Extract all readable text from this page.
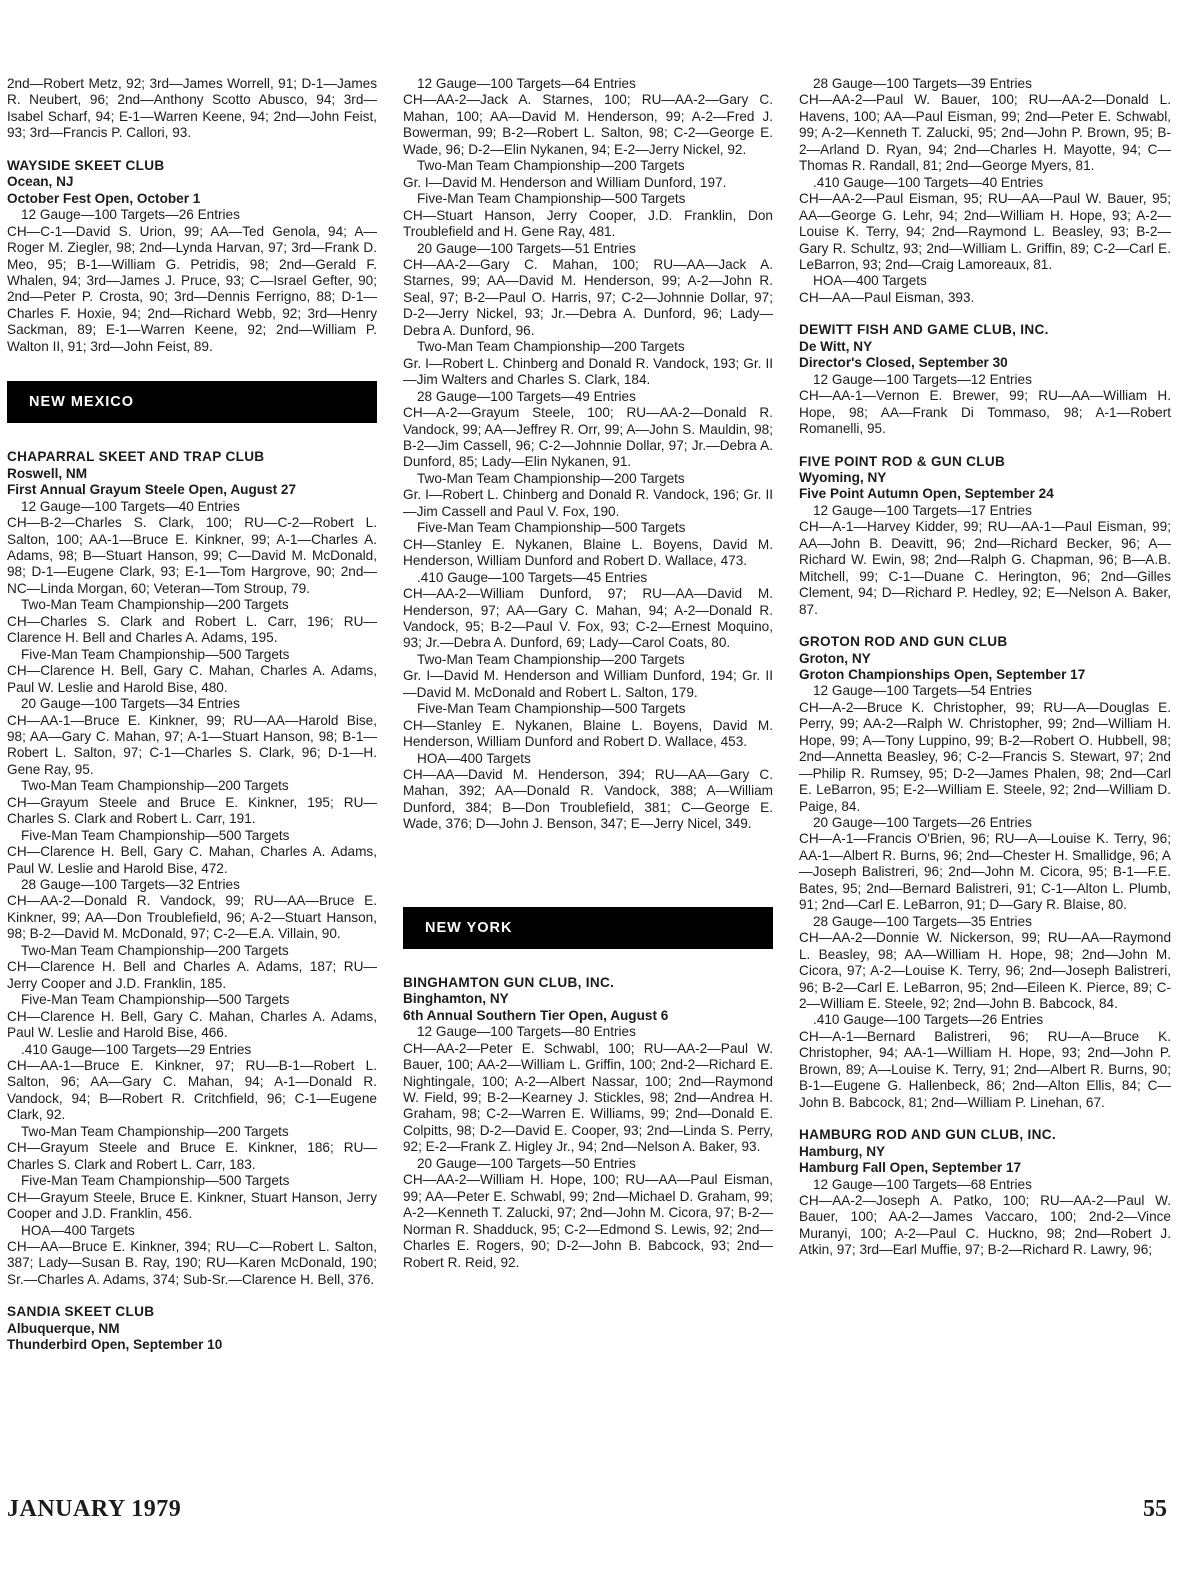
2nd—Robert Metz, 92; 3rd—James Worrell, 91; D-1—James R. Neubert, 96; 2nd—Anthony Scotto Abusco, 94; 3rd—Isabel Scharf, 94; E-1—Warren Keene, 94; 2nd—John Feist, 93; 3rd—Francis P. Callori, 93.

WAYSIDE SKEET CLUB

Ocean, NJ

October Fest Open, October 1

12 Gauge—100 Targets—26 Entries

CH—C-1—David S. Urion, 99; AA—Ted Genola, 94; A—Roger M. Ziegler, 98; 2nd—Lynda Harvan, 97; 3rd—Frank D. Meo, 95; B-1—William G. Petridis, 98; 2nd—Gerald F. Whalen, 94; 3rd—James J. Pruce, 93; C—Israel Gefter, 90; 2nd—Peter P. Crosta, 90; 3rd—Dennis Ferrigno, 88; D-1—Charles F. Hoxie, 94; 2nd—Richard Webb, 92; 3rd—Henry Sackman, 89; E-1—Warren Keene, 92; 2nd—William P. Walton II, 91; 3rd—John Feist, 89.

NEW MEXICO

CHAPARRAL SKEET AND TRAP CLUB

Roswell, NM

First Annual Grayum Steele Open, August 27

12 Gauge—100 Targets—40 Entries

CH—B-2—Charles S. Clark, 100; RU—C-2—Robert L. Salton, 100; AA-1—Bruce E. Kinkner, 99; A-1—Charles A. Adams, 98; B—Stuart Hanson, 99; C—David M. McDonald, 98; D-1—Eugene Clark, 93; E-1—Tom Hargrove, 90; 2nd—NC—Linda Morgan, 60; Veteran—Tom Stroup, 79.

Two-Man Team Championship—200 Targets

CH—Charles S. Clark and Robert L. Carr, 196; RU—Clarence H. Bell and Charles A. Adams, 195.

Five-Man Team Championship—500 Targets

CH—Clarence H. Bell, Gary C. Mahan, Charles A. Adams, Paul W. Leslie and Harold Bise, 480.

20 Gauge—100 Targets—34 Entries

CH—AA-1—Bruce E. Kinkner, 99; RU—AA—Harold Bise, 98; AA—Gary C. Mahan, 97; A-1—Stuart Hanson, 98; B-1—Robert L. Salton, 97; C-1—Charles S. Clark, 96; D-1—H. Gene Ray, 95.

Two-Man Team Championship—200 Targets

CH—Grayum Steele and Bruce E. Kinkner, 195; RU—Charles S. Clark and Robert L. Carr, 191.

Five-Man Team Championship—500 Targets

CH—Clarence H. Bell, Gary C. Mahan, Charles A. Adams, Paul W. Leslie and Harold Bise, 472.

28 Gauge—100 Targets—32 Entries

CH—AA-2—Donald R. Vandock, 99; RU—AA—Bruce E. Kinkner, 99; AA—Don Troublefield, 96; A-2—Stuart Hanson, 98; B-2—David M. McDonald, 97; C-2—E.A. Villain, 90.

Two-Man Team Championship—200 Targets

CH—Clarence H. Bell and Charles A. Adams, 187; RU—Jerry Cooper and J.D. Franklin, 185.

Five-Man Team Championship—500 Targets

CH—Clarence H. Bell, Gary C. Mahan, Charles A. Adams, Paul W. Leslie and Harold Bise, 466.

.410 Gauge—100 Targets—29 Entries

CH—AA-1—Bruce E. Kinkner, 97; RU—B-1—Robert L. Salton, 96; AA—Gary C. Mahan, 94; A-1—Donald R. Vandock, 94; B—Robert R. Critchfield, 96; C-1—Eugene Clark, 92.

Two-Man Team Championship—200 Targets

CH—Grayum Steele and Bruce E. Kinkner, 186; RU—Charles S. Clark and Robert L. Carr, 183.

Five-Man Team Championship—500 Targets

CH—Grayum Steele, Bruce E. Kinkner, Stuart Hanson, Jerry Cooper and J.D. Franklin, 456.

HOA—400 Targets

CH—AA—Bruce E. Kinkner, 394; RU—C—Robert L. Salton, 387; Lady—Susan B. Ray, 190; RU—Karen McDonald, 190; Sr.—Charles A. Adams, 374; Sub-Sr.—Clarence H. Bell, 376.

SANDIA SKEET CLUB

Albuquerque, NM

Thunderbird Open, September 10

12 Gauge—100 Targets—64 Entries

CH—AA-2—Jack A. Starnes, 100; RU—AA-2—Gary C. Mahan, 100; AA—David M. Henderson, 99; A-2—Fred J. Bowerman, 99; B-2—Robert L. Salton, 98; C-2—George E. Wade, 96; D-2—Elin Nykanen, 94; E-2—Jerry Nickel, 92.

Two-Man Team Championship—200 Targets

Gr. I—David M. Henderson and William Dunford, 197.

Five-Man Team Championship—500 Targets

CH—Stuart Hanson, Jerry Cooper, J.D. Franklin, Don Troublefield and H. Gene Ray, 481.

20 Gauge—100 Targets—51 Entries

CH—AA-2—Gary C. Mahan, 100; RU—AA—Jack A. Starnes, 99; AA—David M. Henderson, 99; A-2—John R. Seal, 97; B-2—Paul O. Harris, 97; C-2—Johnnie Dollar, 97; D-2—Jerry Nickel, 93; Jr.—Debra A. Dunford, 96; Lady—Debra A. Dunford, 96.

Two-Man Team Championship—200 Targets

Gr. I—Robert L. Chinberg and Donald R. Vandock, 193; Gr. II—Jim Walters and Charles S. Clark, 184.

28 Gauge—100 Targets—49 Entries

CH—A-2—Grayum Steele, 100; RU—AA-2—Donald R. Vandock, 99; AA—Jeffrey R. Orr, 99; A—John S. Mauldin, 98; B-2—Jim Cassell, 96; C-2—Johnnie Dollar, 97; Jr.—Debra A. Dunford, 85; Lady—Elin Nykanen, 91.

Two-Man Team Championship—200 Targets

Gr. I—Robert L. Chinberg and Donald R. Vandock, 196; Gr. II—Jim Cassell and Paul V. Fox, 190.

Five-Man Team Championship—500 Targets

CH—Stanley E. Nykanen, Blaine L. Boyens, David M. Henderson, William Dunford and Robert D. Wallace, 473.

.410 Gauge—100 Targets—45 Entries

CH—AA-2—William Dunford, 97; RU—AA—David M. Henderson, 97; AA—Gary C. Mahan, 94; A-2—Donald R. Vandock, 95; B-2—Paul V. Fox, 93; C-2—Ernest Moquino, 93; Jr.—Debra A. Dunford, 69; Lady—Carol Coats, 80.

Two-Man Team Championship—200 Targets

Gr. I—David M. Henderson and William Dunford, 194; Gr. II—David M. McDonald and Robert L. Salton, 179.

Five-Man Team Championship—500 Targets

CH—Stanley E. Nykanen, Blaine L. Boyens, David M. Henderson, William Dunford and Robert D. Wallace, 453.

HOA—400 Targets

CH—AA—David M. Henderson, 394; RU—AA—Gary C. Mahan, 392; AA—Donald R. Vandock, 388; A—William Dunford, 384; B—Don Troublefield, 381; C—George E. Wade, 376; D—John J. Benson, 347; E—Jerry Nicel, 349.

NEW YORK

BINGHAMTON GUN CLUB, INC.

Binghamton, NY

6th Annual Southern Tier Open, August 6

12 Gauge—100 Targets—80 Entries

CH—AA-2—Peter E. Schwabl, 100; RU—AA-2—Paul W. Bauer, 100; AA-2—William L. Griffin, 100; 2nd-2—Richard E. Nightingale, 100; A-2—Albert Nassar, 100; 2nd—Raymond W. Field, 99; B-2—Kearney J. Stickles, 98; 2nd—Andrea H. Graham, 98; C-2—Warren E. Williams, 99; 2nd—Donald E. Colpitts, 98; D-2—David E. Cooper, 93; 2nd—Linda S. Perry, 92; E-2—Frank Z. Higley Jr., 94; 2nd—Nelson A. Baker, 93.

20 Gauge—100 Targets—50 Entries

CH—AA-2—William H. Hope, 100; RU—AA—Paul Eisman, 99; AA—Peter E. Schwabl, 99; 2nd—Michael D. Graham, 99; A-2—Kenneth T. Zalucki, 97; 2nd—John M. Cicora, 97; B-2—Norman R. Shadduck, 95; C-2—Edmond S. Lewis, 92; 2nd—Charles E. Rogers, 90; D-2—John B. Babcock, 93; 2nd—Robert R. Reid, 92.

28 Gauge—100 Targets—39 Entries

CH—AA-2—Paul W. Bauer, 100; RU—AA-2—Donald L. Havens, 100; AA—Paul Eisman, 99; 2nd—Peter E. Schwabl, 99; A-2—Kenneth T. Zalucki, 95; 2nd—John P. Brown, 95; B-2—Arland D. Ryan, 94; 2nd—Charles H. Mayotte, 94; C—Thomas R. Randall, 81; 2nd—George Myers, 81.

.410 Gauge—100 Targets—40 Entries

CH—AA-2—Paul Eisman, 95; RU—AA—Paul W. Bauer, 95; AA—George G. Lehr, 94; 2nd—William H. Hope, 93; A-2—Louise K. Terry, 94; 2nd—Raymond L. Beasley, 93; B-2—Gary R. Schultz, 93; 2nd—William L. Griffin, 89; C-2—Carl E. LeBarron, 93; 2nd—Craig Lamoreaux, 81.

HOA—400 Targets

CH—AA—Paul Eisman, 393.

DEWITT FISH AND GAME CLUB, INC.

De Witt, NY

Director's Closed, September 30

12 Gauge—100 Targets—12 Entries

CH—AA-1—Vernon E. Brewer, 99; RU—AA—William H. Hope, 98; AA—Frank Di Tommaso, 98; A-1—Robert Romanelli, 95.

FIVE POINT ROD & GUN CLUB

Wyoming, NY

Five Point Autumn Open, September 24

12 Gauge—100 Targets—17 Entries

CH—A-1—Harvey Kidder, 99; RU—AA-1—Paul Eisman, 99; AA—John B. Deavitt, 96; 2nd—Richard Becker, 96; A—Richard W. Ewin, 98; 2nd—Ralph G. Chapman, 96; B—A.B. Mitchell, 99; C-1—Duane C. Herington, 96; 2nd—Gilles Clement, 94; D—Richard P. Hedley, 92; E—Nelson A. Baker, 87.

GROTON ROD AND GUN CLUB

Groton, NY

Groton Championships Open, September 17

12 Gauge—100 Targets—54 Entries

CH—A-2—Bruce K. Christopher, 99; RU—A—Douglas E. Perry, 99; AA-2—Ralph W. Christopher, 99; 2nd—William H. Hope, 99; A—Tony Luppino, 99; B-2—Robert O. Hubbell, 98; 2nd—Annetta Beasley, 96; C-2—Francis S. Stewart, 97; 2nd—Philip R. Rumsey, 95; D-2—James Phalen, 98; 2nd—Carl E. LeBarron, 95; E-2—William E. Steele, 92; 2nd—William D. Paige, 84.

20 Gauge—100 Targets—26 Entries

CH—A-1—Francis O'Brien, 96; RU—A—Louise K. Terry, 96; AA-1—Albert R. Burns, 96; 2nd—Chester H. Smallidge, 96; A—Joseph Balistreri, 96; 2nd—John M. Cicora, 95; B-1—F.E. Bates, 95; 2nd—Bernard Balistreri, 91; C-1—Alton L. Plumb, 91; 2nd—Carl E. LeBarron, 91; D—Gary R. Blaise, 80.

28 Gauge—100 Targets—35 Entries

CH—AA-2—Donnie W. Nickerson, 99; RU—AA—Raymond L. Beasley, 98; AA—William H. Hope, 98; 2nd—John M. Cicora, 97; A-2—Louise K. Terry, 96; 2nd—Joseph Balistreri, 96; B-2—Carl E. LeBarron, 95; 2nd—Eileen K. Pierce, 89; C-2—William E. Steele, 92; 2nd—John B. Babcock, 84.

.410 Gauge—100 Targets—26 Entries

CH—A-1—Bernard Balistreri, 96; RU—A—Bruce K. Christopher, 94; AA-1—William H. Hope, 93; 2nd—John P. Brown, 89; A—Louise K. Terry, 91; 2nd—Albert R. Burns, 90; B-1—Eugene G. Hallenbeck, 86; 2nd—Alton Ellis, 84; C—John B. Babcock, 81; 2nd—William P. Linehan, 67.

HAMBURG ROD AND GUN CLUB, INC.

Hamburg, NY

Hamburg Fall Open, September 17

12 Gauge—100 Targets—68 Entries

CH—AA-2—Joseph A. Patko, 100; RU—AA-2—Paul W. Bauer, 100; AA-2—James Vaccaro, 100; 2nd-2—Vince Muranyi, 100; A-2—Paul C. Huckno, 98; 2nd—Robert J. Atkin, 97; 3rd—Earl Muffie, 97; B-2—Richard R. Lawry, 96;

JANUARY 1979	55
